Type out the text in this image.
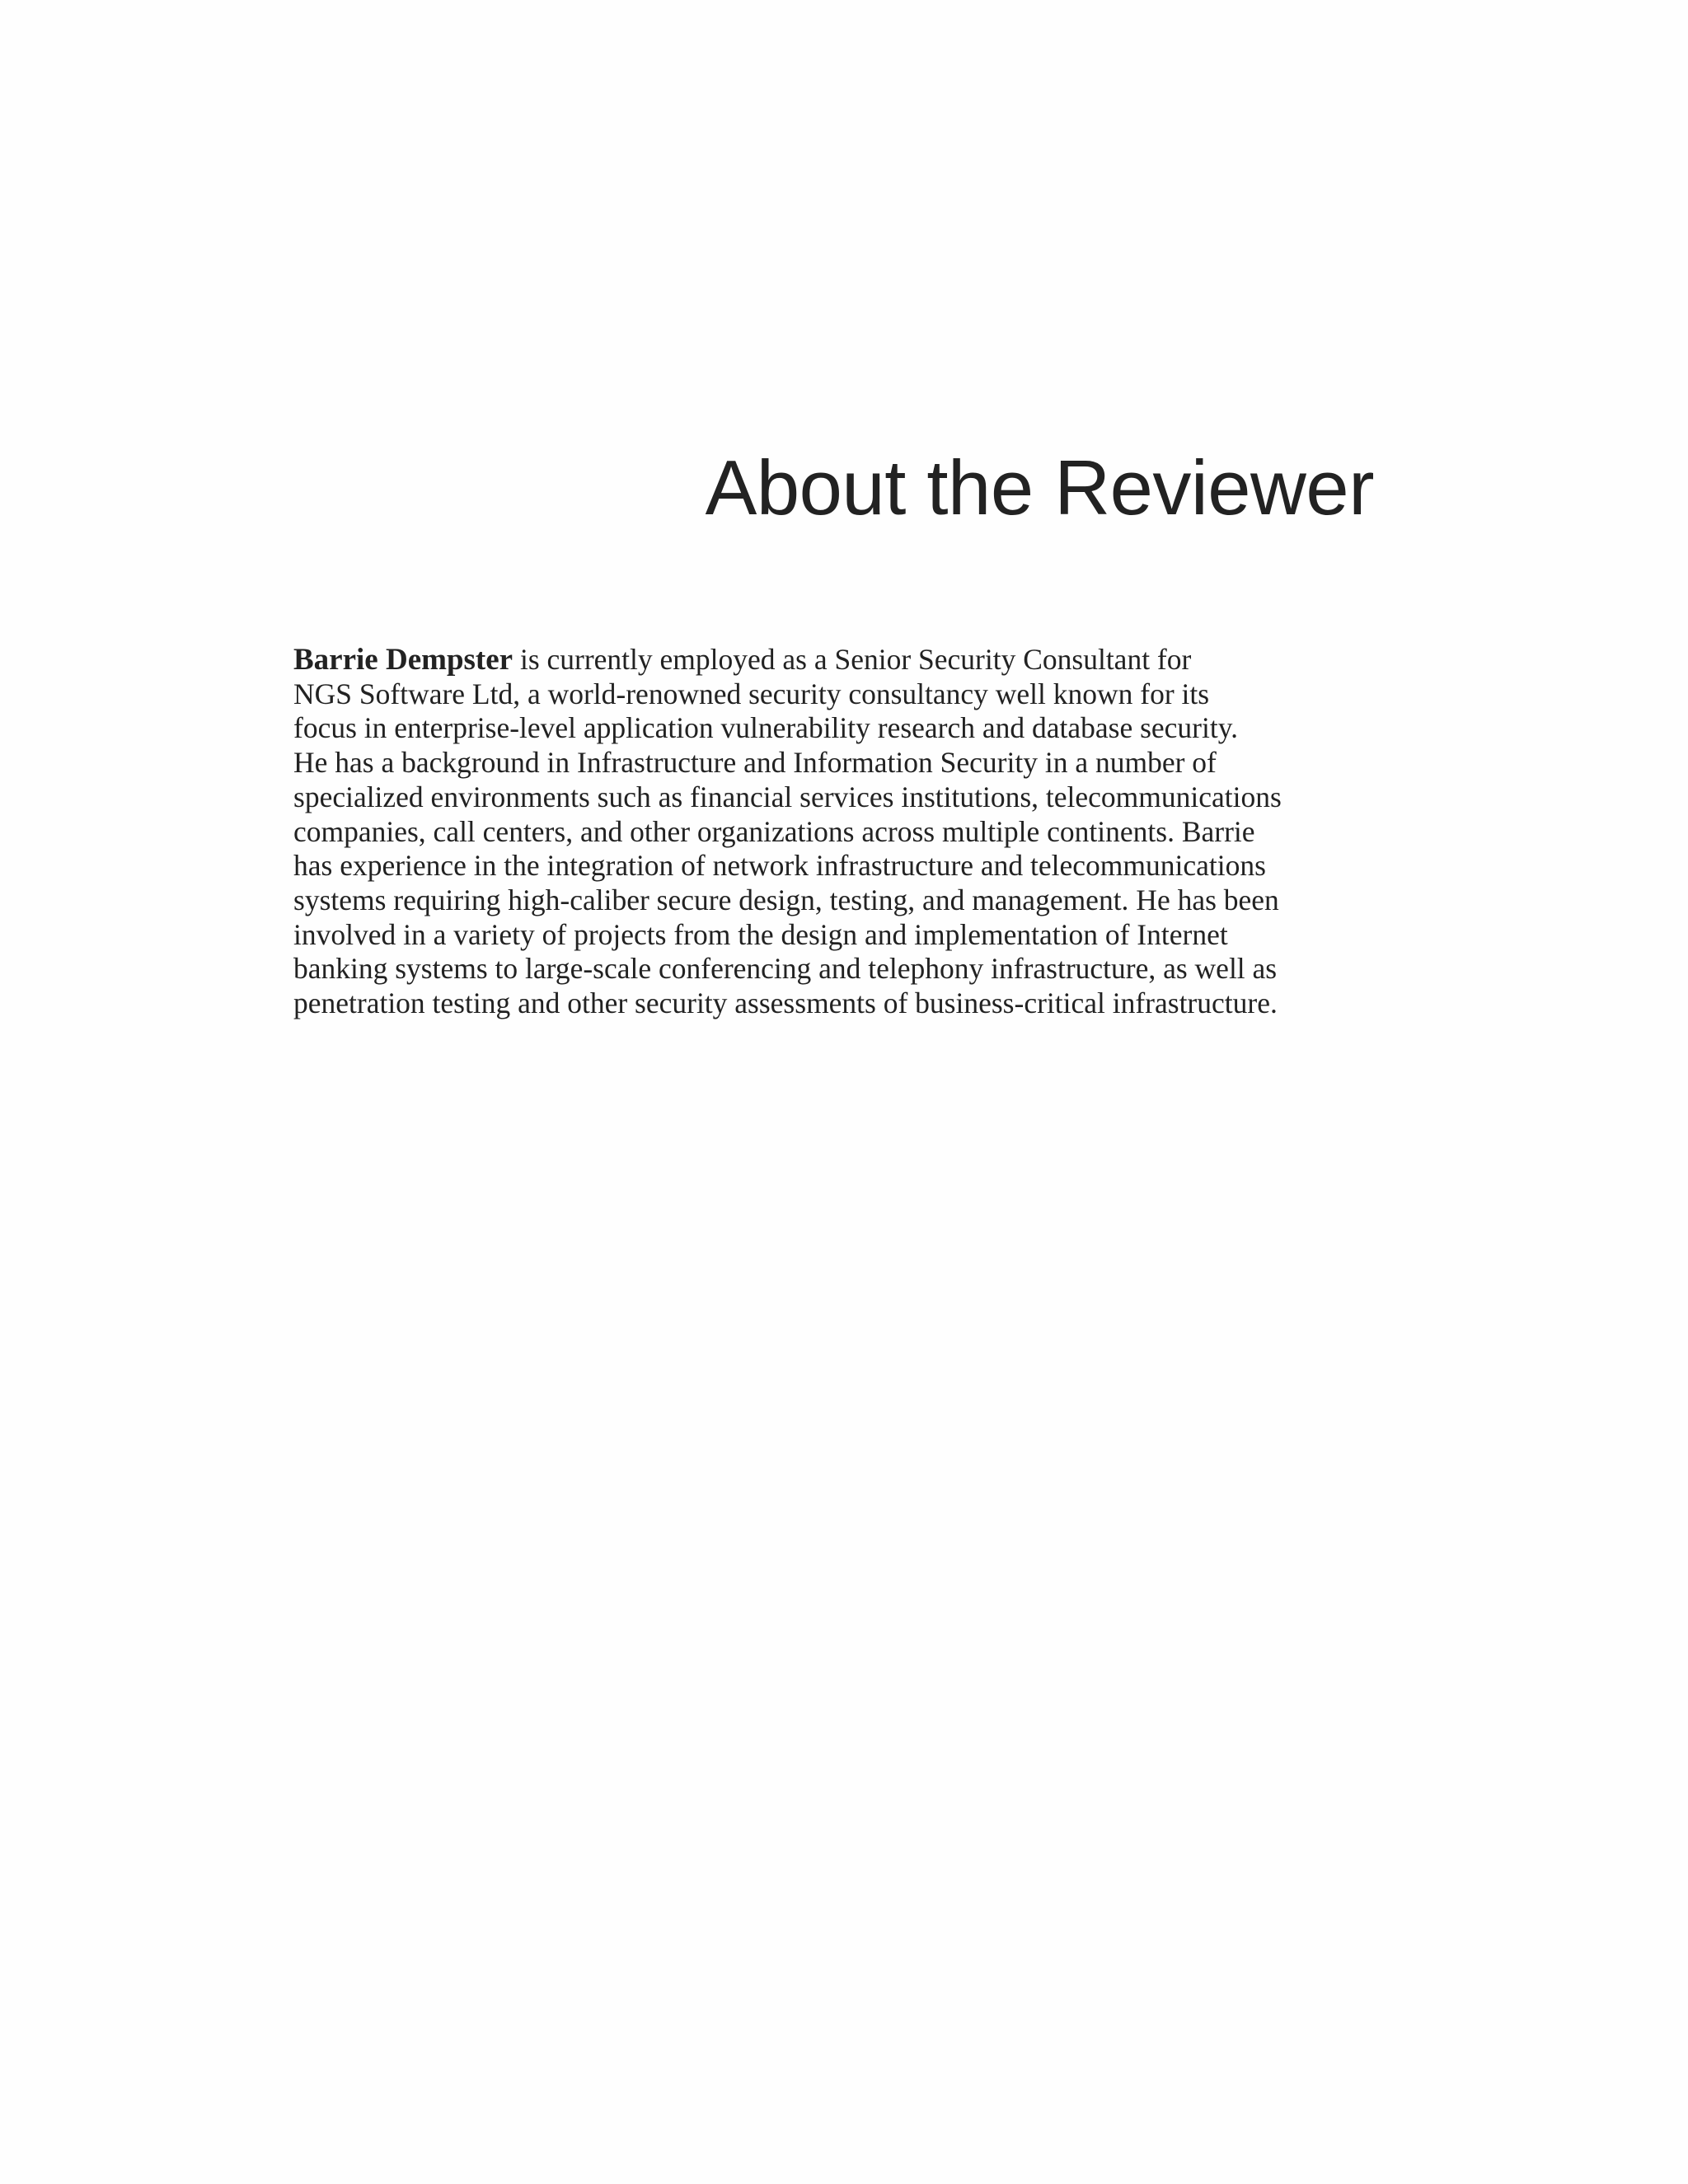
About the Reviewer

Barrie Dempster is currently employed as a Senior Security Consultant for
NGS Software Ltd, a world-renowned security consultancy well known for its
focus in enterprise-level application vulnerability research and database security.
He has a background in Infrastructure and Information Security in a number of
specialized environments such as financial services institutions, telecommunications
companies, call centers, and other organizations across multiple continents. Barrie
has experience in the integration of network infrastructure and telecommunications
systems requiring high-caliber secure design, testing, and management. He has been
involved in a variety of projects from the design and implementation of Internet
banking systems to large-scale conferencing and telephony infrastructure, as well as
penetration testing and other security assessments of business-critical infrastructure.
